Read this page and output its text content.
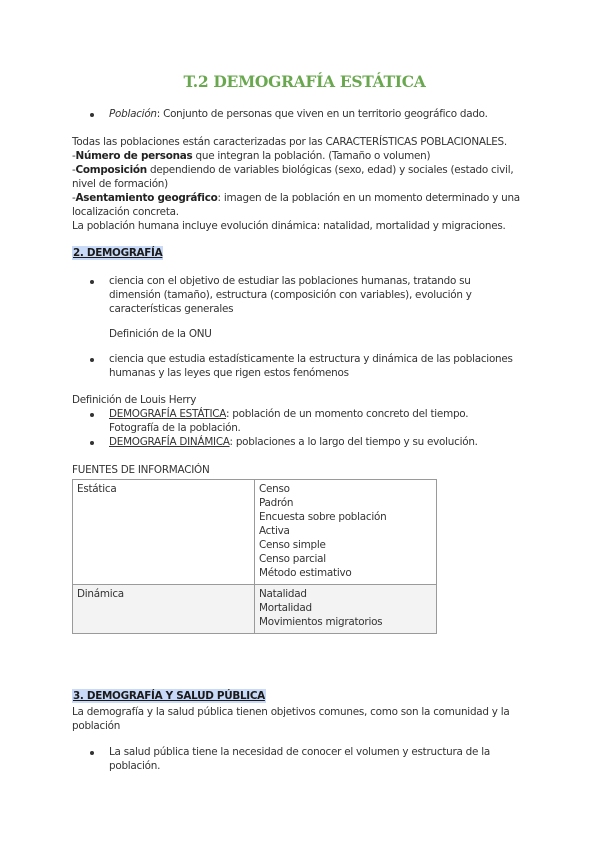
T.2 DEMOGRAFÍA ESTÁTICA
Población: Conjunto de personas que viven en un territorio geográfico dado.
Todas las poblaciones están caracterizadas por las CARACTERÍSTICAS POBLACIONALES.
-Número de personas que integran la población. (Tamaño o volumen)
-Composición dependiendo de variables biológicas (sexo, edad) y sociales (estado civil,
nivel de formación)
-Asentamiento geográfico: imagen de la población en un momento determinado y una
localización concreta.
La población humana incluye evolución dinámica: natalidad, mortalidad y migraciones.
2. DEMOGRAFÍA
ciencia con el objetivo de estudiar las poblaciones humanas, tratando su
dimensión (tamaño), estructura (composición con variables), evolución y
características generales
Definición de la ONU
ciencia que estudia estadísticamente la estructura y dinámica de las poblaciones
humanas y las leyes que rigen estos fenómenos
Definición de Louis Herry
DEMOGRAFÍA ESTÁTICA: población de un momento concreto del tiempo.
Fotografía de la población.
DEMOGRAFÍA DINÁMICA: poblaciones a lo largo del tiempo y su evolución.
FUENTES DE INFORMACIÓN
Estática	Censo
Padrón
Encuesta sobre población
Activa
Censo simple
Censo parcial
Método estimativo

Dinámica	Natalidad
Mortalidad
Movimientos migratorios
3. DEMOGRAFÍA Y SALUD PÚBLICA
La demografía y la salud pública tienen objetivos comunes, como son la comunidad y la
población
La salud pública tiene la necesidad de conocer el volumen y estructura de la
población.
